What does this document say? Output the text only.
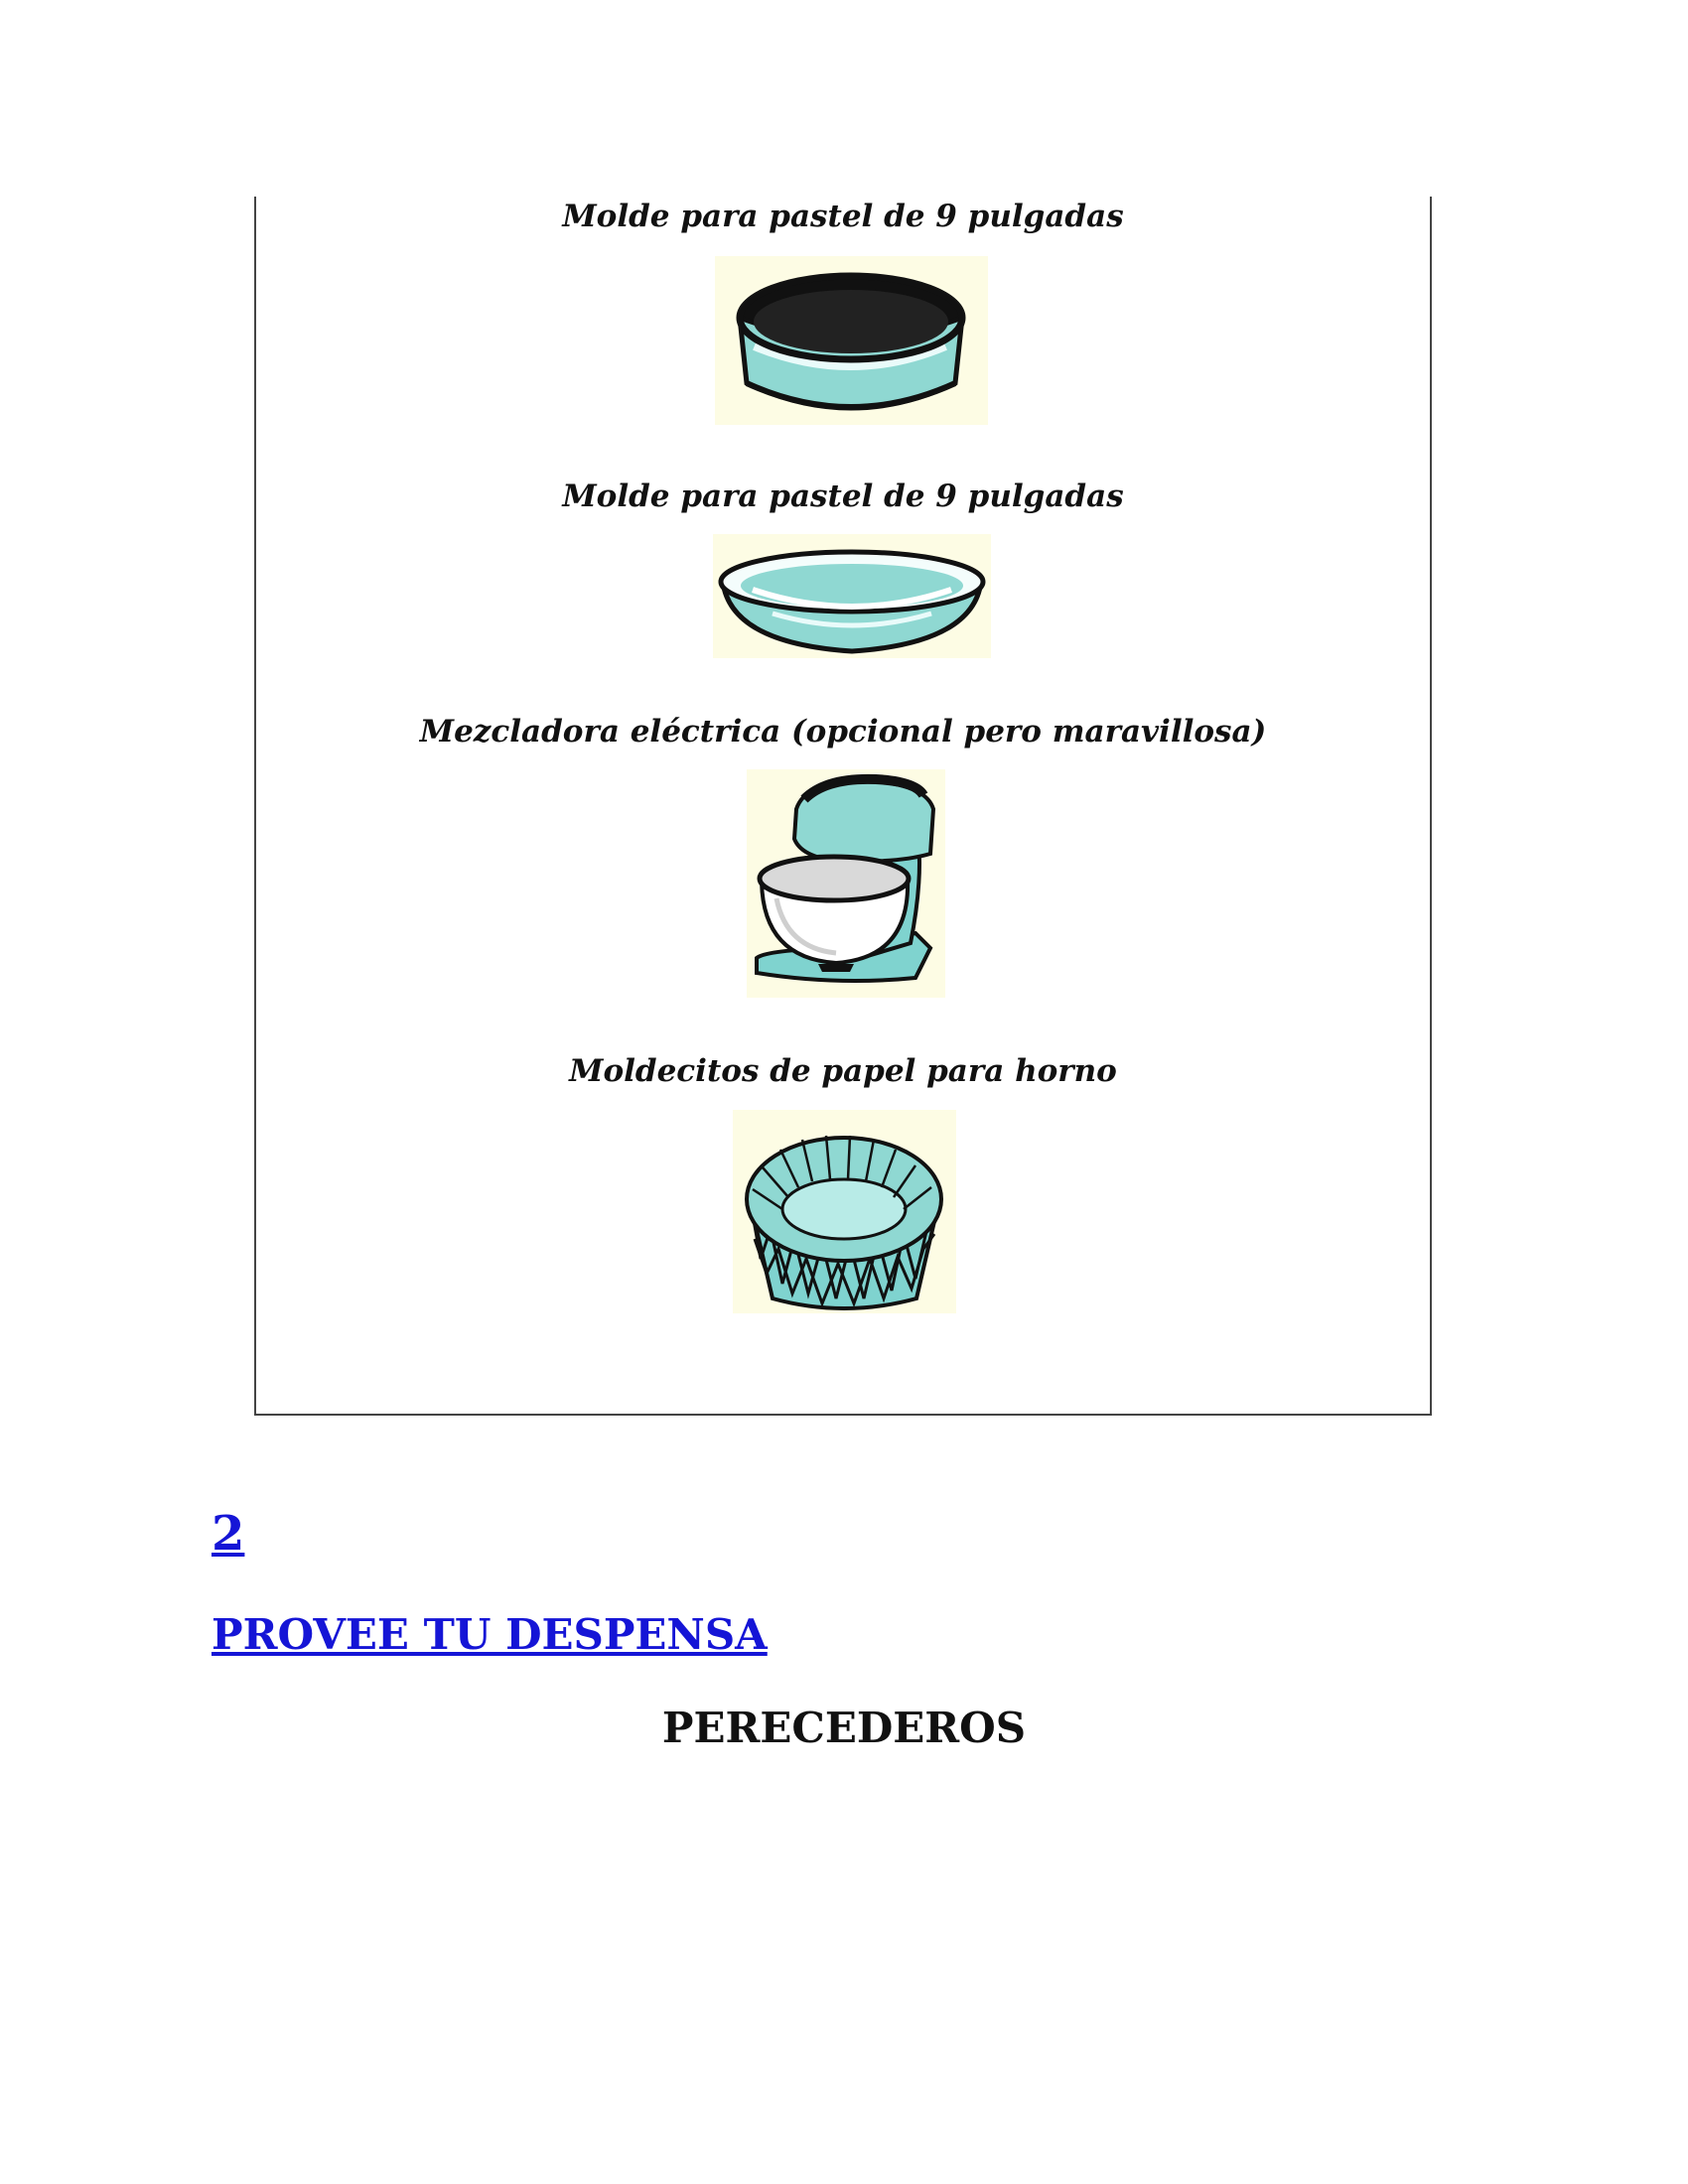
Molde para pastel de 9 pulgadas

Molde para pastel de 9 pulgadas

Mezcladora eléctrica (opcional pero maravillosa)

Moldecitos de papel para horno

2
PROVEE TU DESPENSA
PERECEDEROS
